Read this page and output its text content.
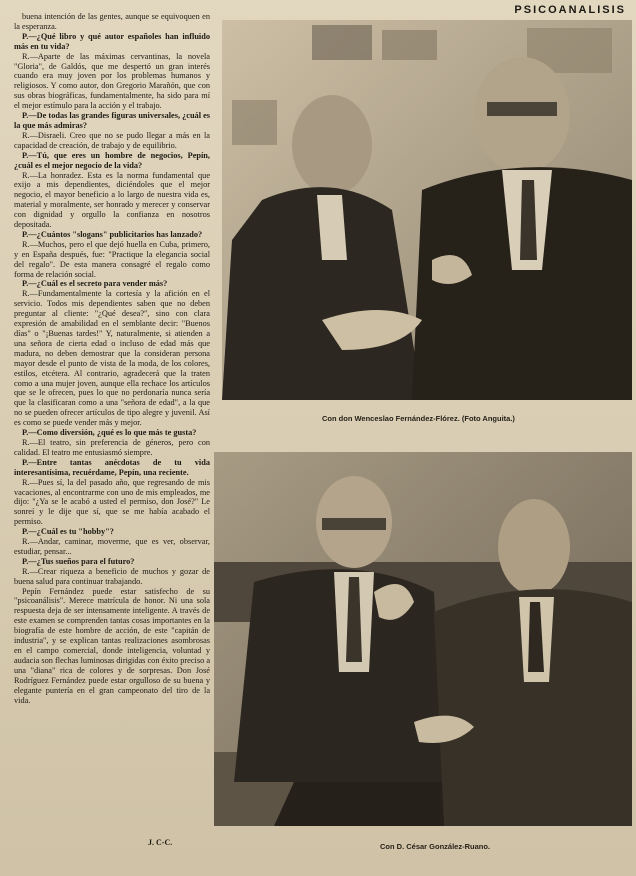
PSICOANALISIS

buena intención de las gentes, aunque se equivoquen en la esperanza.

P.—¿Qué libro y qué autor españoles han influido más en tu vida?

R.—Aparte de las máximas cervantinas, la novela "Gloria", de Galdós, que me despertó un gran interés cuando era muy joven por los problemas humanos y religiosos. Y como autor, don Gregorio Marañón, que con sus obras biográficas, fundamentalmente, ha sido para mí el mejor estímulo para la acción y el trabajo.

P.—De todas las grandes figuras universales, ¿cuál es la que más admiras?

R.—Disraeli. Creo que no se pudo llegar a más en la capacidad de creación, de trabajo y de equilibrio.

P.—Tú, que eres un hombre de negocios, Pepín, ¿cuál es el mejor negocio de la vida?

R.—La honradez. Esta es la norma fundamental que exijo a mis dependientes, diciéndoles que el mejor negocio, el mayor beneficio a lo largo de nuestra vida es, material y moralmente, ser honrado y merecer y conservar con dignidad y orgullo la confianza en nosotros depositada.

P.—¿Cuántos "slogans" publicitarios has lanzado?

R.—Muchos, pero el que dejó huella en Cuba, primero, y en España después, fue: "Practique la elegancia social del regalo". De esta manera consagré el regalo como forma de relación social.

P.—¿Cuál es el secreto para vender más?

R.—Fundamentalmente la cortesía y la afición en el servicio. Todos mis dependientes saben que no deben preguntar al cliente: "¿Qué desea?", sino con clara expresión de amabilidad en el semblante decir: "Buenos días" o "¡Buenas tardes!" Y, naturalmente, si atienden a una señora de cierta edad o incluso de edad más que madura, no deben demostrar que la consideran persona mayor desde el punto de vista de la moda, de los colores, estilos, etcétera. Al contrario, agradecerá que la traten como a una mujer joven, aunque ella rechace los artículos que se le ofrecen, pues lo que no perdonaría nunca sería que la clasificaran como a una "señora de edad", a la que no se pueden ofrecer artículos de tipo alegre y juvenil. Así es como se puede vender más y mejor.

P.—Como diversión, ¿qué es lo que más te gusta?

R.—El teatro, sin preferencia de géneros, pero con calidad. El teatro me entusiasmó siempre.

P.—Entre tantas anécdotas de tu vida interesantísima, recuérdame, Pepín, una reciente.

R.—Pues sí, la del pasado año, que regresando de mis vacaciones, al encontrarme con uno de mis empleados, me dijo: "¿Ya se le acabó a usted el permiso, don José?" Le sonreí y le dije que sí, que se me había acabado el permiso.

P.—¿Cuál es tu "hobby"?

R.—Andar, caminar, moverme, que es ver, observar, estudiar, pensar...

P.—¿Tus sueños para el futuro?

R.—Crear riqueza a beneficio de muchos y gozar de buena salud para continuar trabajando.

Pepín Fernández puede estar satisfecho de su "psicoanálisis". Merece matrícula de honor. Ni una sola respuesta deja de ser intensamente inteligente. A través de este examen se comprenden tantas cosas importantes en la biografía de este hombre de acción, de este "capitán de industria", y se explican tantas realizaciones asombrosas en el campo comercial, donde inteligencia, voluntad y audacia son flechas luminosas dirigidas con éxito preciso a una "diana" rica de colores y de sorpresas. Don José Rodríguez Fernández puede estar orgulloso de su buena y elegante puntería en el gran campeonato del tiro de la vida.

J. C-C.
Con don Wenceslao Fernández-Flórez. (Foto Anguita.)
Con D. César González-Ruano.
